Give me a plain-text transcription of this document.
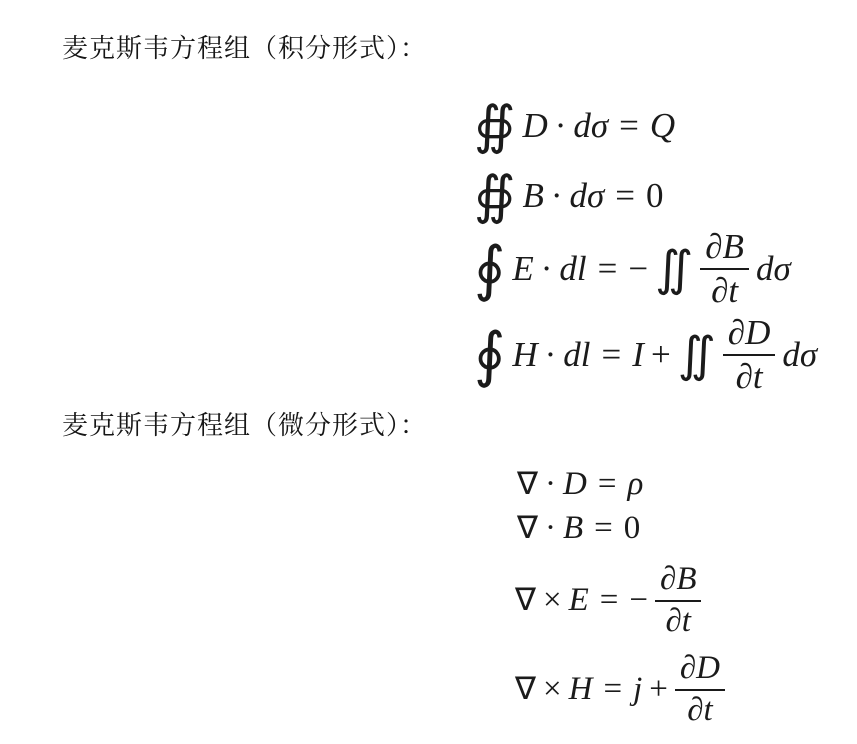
麦克斯韦方程组（积分形式）：
∯ D · dσ = Q
∯ B · dσ = 0
∮ E · dl = − ∬ $\frac{\partial B}{\partial t}$ dσ
∮ H · dl = I + ∬ $\frac{\partial D}{\partial t}$ dσ
麦克斯韦方程组（微分形式）：
∇ · D = ρ
∇ · B = 0
∇ × E = − $\frac{\partial B}{\partial t}$
∇ × $H = j + \frac{\partial D}{\partial t}$
